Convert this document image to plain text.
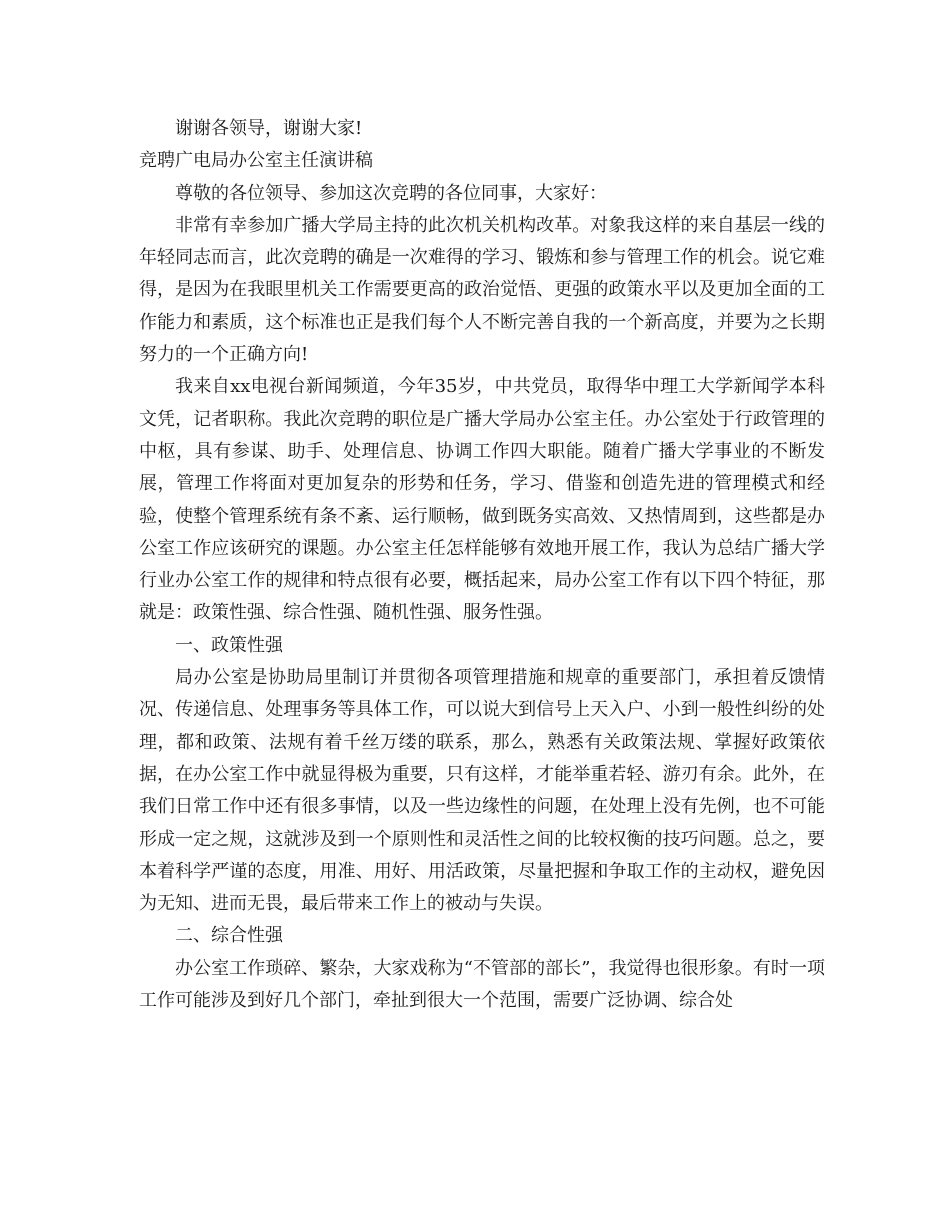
谢谢各领导，谢谢大家!

竞聘广电局办公室主任演讲稿

尊敬的各位领导、参加这次竞聘的各位同事，大家好：

非常有幸参加广播大学局主持的此次机关机构改革。对象我这样的来自基层一线的年轻同志而言，此次竞聘的确是一次难得的学习、锻炼和参与管理工作的机会。说它难得，是因为在我眼里机关工作需要更高的政治觉悟、更强的政策水平以及更加全面的工作能力和素质，这个标准也正是我们每个人不断完善自我的一个新高度，并要为之长期努力的一个正确方向!

我来自xx电视台新闻频道，今年35岁，中共党员，取得华中理工大学新闻学本科文凭，记者职称。我此次竞聘的职位是广播大学局办公室主任。办公室处于行政管理的中枢，具有参谋、助手、处理信息、协调工作四大职能。随着广播大学事业的不断发展，管理工作将面对更加复杂的形势和任务，学习、借鉴和创造先进的管理模式和经验，使整个管理系统有条不紊、运行顺畅，做到既务实高效、又热情周到，这些都是办公室工作应该研究的课题。办公室主任怎样能够有效地开展工作，我认为总结广播大学行业办公室工作的规律和特点很有必要，概括起来，局办公室工作有以下四个特征，那就是：政策性强、综合性强、随机性强、服务性强。

一、政策性强

局办公室是协助局里制订并贯彻各项管理措施和规章的重要部门，承担着反馈情况、传递信息、处理事务等具体工作，可以说大到信号上天入户、小到一般性纠纷的处理，都和政策、法规有着千丝万缕的联系，那么，熟悉有关政策法规、掌握好政策依据，在办公室工作中就显得极为重要，只有这样，才能举重若轻、游刃有余。此外，在我们日常工作中还有很多事情，以及一些边缘性的问题，在处理上没有先例，也不可能形成一定之规，这就涉及到一个原则性和灵活性之间的比较权衡的技巧问题。总之，要本着科学严谨的态度，用准、用好、用活政策，尽量把握和争取工作的主动权，避免因为无知、进而无畏，最后带来工作上的被动与失误。

二、综合性强

办公室工作琐碎、繁杂，大家戏称为“不管部的部长”，我觉得也很形象。有时一项工作可能涉及到好几个部门，牵扯到很大一个范围，需要广泛协调、综合处
